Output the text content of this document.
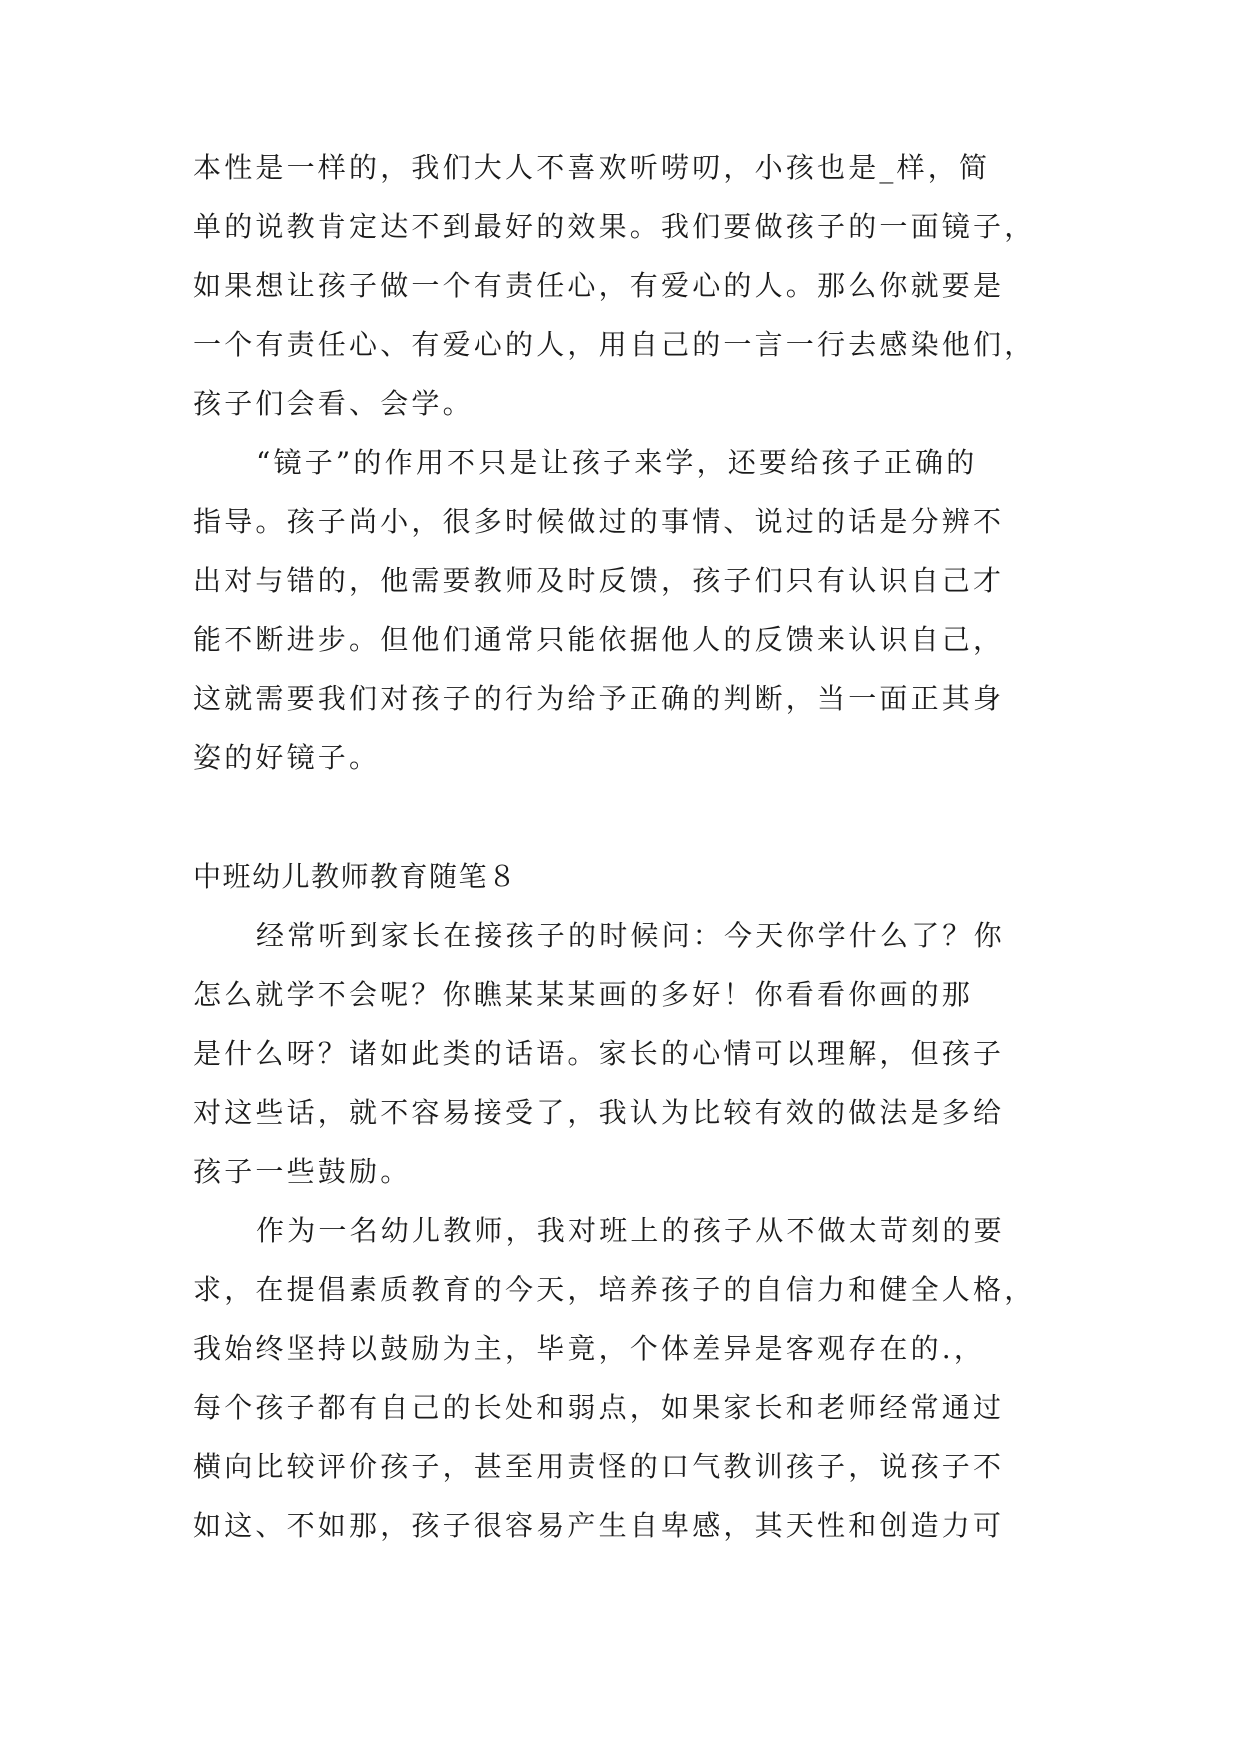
本性是一样的，我们大人不喜欢听唠叨，小孩也是_样，简
单的说教肯定达不到最好的效果。我们要做孩子的一面镜子，
如果想让孩子做一个有责任心，有爱心的人。那么你就要是
一个有责任心、有爱心的人，用自己的一言一行去感染他们，
孩子们会看、会学。
“镜子”的作用不只是让孩子来学，还要给孩子正确的
指导。孩子尚小，很多时候做过的事情、说过的话是分辨不
出对与错的，他需要教师及时反馈，孩子们只有认识自己才
能不断进步。但他们通常只能依据他人的反馈来认识自己，
这就需要我们对孩子的行为给予正确的判断，当一面正其身
姿的好镜子。
中班幼儿教师教育随笔８
经常听到家长在接孩子的时候问：今天你学什么了？你
怎么就学不会呢？你瞧某某某画的多好！你看看你画的那
是什么呀？诸如此类的话语。家长的心情可以理解，但孩子
对这些话，就不容易接受了，我认为比较有效的做法是多给
孩子一些鼓励。
作为一名幼儿教师，我对班上的孩子从不做太苛刻的要
求，在提倡素质教育的今天，培养孩子的自信力和健全人格，
我始终坚持以鼓励为主，毕竟，个体差异是客观存在的.，
每个孩子都有自己的长处和弱点，如果家长和老师经常通过
横向比较评价孩子，甚至用责怪的口气教训孩子，说孩子不
如这、不如那，孩子很容易产生自卑感，其天性和创造力可
